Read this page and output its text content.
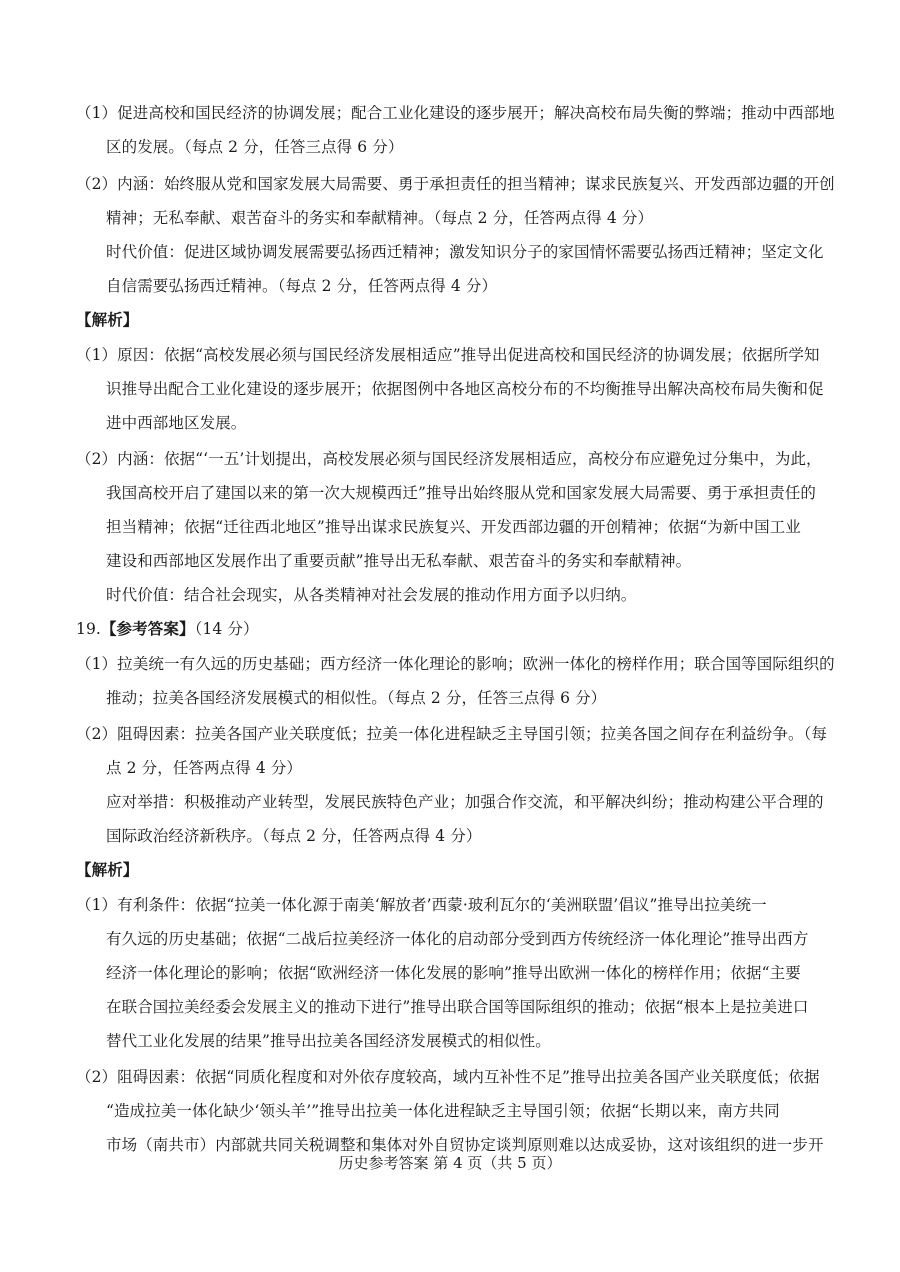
（1）促进高校和国民经济的协调发展；配合工业化建设的逐步展开；解决高校布局失衡的弊端；推动中西部地
区的发展。（每点 2 分，任答三点得 6 分）
（2）内涵：始终服从党和国家发展大局需要、勇于承担责任的担当精神；谋求民族复兴、开发西部边疆的开创
精神；无私奉献、艰苦奋斗的务实和奉献精神。（每点 2 分，任答两点得 4 分）
时代价值：促进区域协调发展需要弘扬西迁精神；激发知识分子的家国情怀需要弘扬西迁精神；坚定文化
自信需要弘扬西迁精神。（每点 2 分，任答两点得 4 分）
【解析】
（1）原因：依据“高校发展必须与国民经济发展相适应”推导出促进高校和国民经济的协调发展；依据所学知
识推导出配合工业化建设的逐步展开；依据图例中各地区高校分布的不均衡推导出解决高校布局失衡和促
进中西部地区发展。
（2）内涵：依据“‘一五’计划提出，高校发展必须与国民经济发展相适应，高校分布应避免过分集中，为此，
我国高校开启了建国以来的第一次大规模西迁”推导出始终服从党和国家发展大局需要、勇于承担责任的
担当精神；依据“迁往西北地区”推导出谋求民族复兴、开发西部边疆的开创精神；依据“为新中国工业
建设和西部地区发展作出了重要贡献”推导出无私奉献、艰苦奋斗的务实和奉献精神。
时代价值：结合社会现实，从各类精神对社会发展的推动作用方面予以归纳。
19.【参考答案】（14 分）
（1）拉美统一有久远的历史基础；西方经济一体化理论的影响；欧洲一体化的榜样作用；联合国等国际组织的
推动；拉美各国经济发展模式的相似性。（每点 2 分，任答三点得 6 分）
（2）阻碍因素：拉美各国产业关联度低；拉美一体化进程缺乏主导国引领；拉美各国之间存在利益纷争。（每
点 2 分，任答两点得 4 分）
应对举措：积极推动产业转型，发展民族特色产业；加强合作交流，和平解决纠纷；推动构建公平合理的
国际政治经济新秩序。（每点 2 分，任答两点得 4 分）
【解析】
（1）有利条件：依据“拉美一体化源于南美‘解放者’西蒙·玻利瓦尔的‘美洲联盟’倡议”推导出拉美统一
有久远的历史基础；依据“二战后拉美经济一体化的启动部分受到西方传统经济一体化理论”推导出西方
经济一体化理论的影响；依据“欧洲经济一体化发展的影响”推导出欧洲一体化的榜样作用；依据“主要
在联合国拉美经委会发展主义的推动下进行”推导出联合国等国际组织的推动；依据“根本上是拉美进口
替代工业化发展的结果”推导出拉美各国经济发展模式的相似性。
（2）阻碍因素：依据“同质化程度和对外依存度较高，域内互补性不足”推导出拉美各国产业关联度低；依据
“造成拉美一体化缺少‘领头羊’”推导出拉美一体化进程缺乏主导国引领；依据“长期以来，南方共同
市场（南共市）内部就共同关税调整和集体对外自贸协定谈判原则难以达成妥协，这对该组织的进一步开
历史参考答案 第 4 页（共 5 页）
